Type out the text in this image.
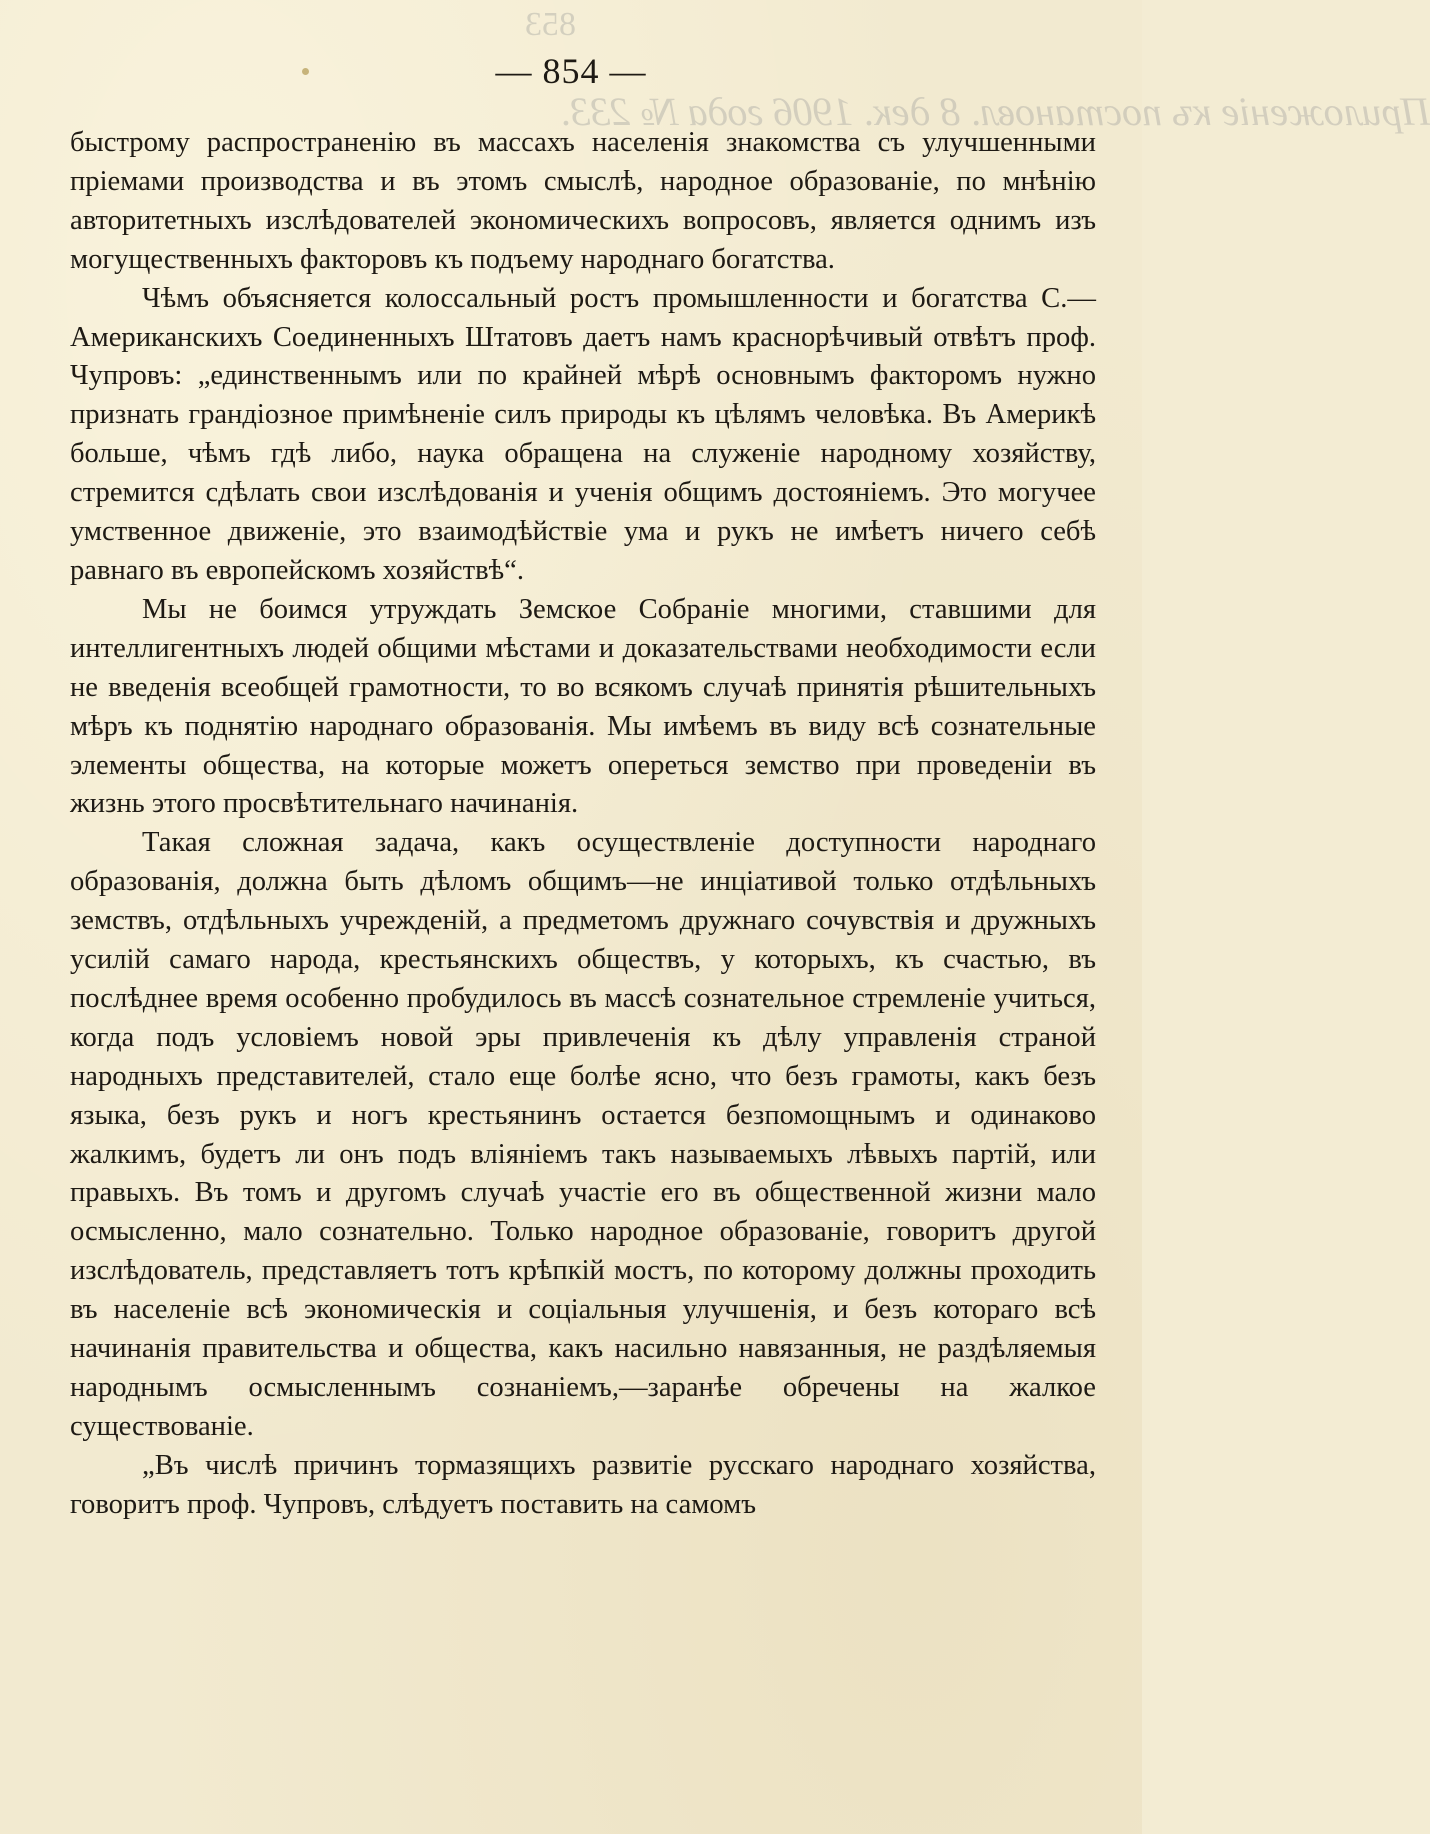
853
Приложеніе къ постановл. 8 дек. 1906 года № 233.
— 854 —

быстрому распространенію въ массахъ населенія знакомства съ улучшенными пріемами производства и въ этомъ смыслѣ, народное образованіе, по мнѣнію авторитетныхъ изслѣдователей экономическихъ вопросовъ, является однимъ изъ могущественныхъ факторовъ къ подъему народнаго богатства.

Чѣмъ объясняется колоссальный ростъ промышленности и богатства С.—Американскихъ Соединенныхъ Штатовъ даетъ намъ краснорѣчивый отвѣтъ проф. Чупровъ: „единственнымъ или по крайней мѣрѣ основнымъ факторомъ нужно признать грандіозное примѣненіе силъ природы къ цѣлямъ человѣка. Въ Америкѣ больше, чѣмъ гдѣ либо, наука обращена на служеніе народному хозяйству, стремится сдѣлать свои изслѣдованія и ученія общимъ достояніемъ. Это могучее умственное движеніе, это взаимодѣйствіе ума и рукъ не имѣетъ ничего себѣ равнаго въ европейскомъ хозяйствѣ“.

Мы не боимся утруждать Земское Собраніе многими, ставшими для интеллигентныхъ людей общими мѣстами и доказательствами необходимости если не введенія всеобщей грамотности, то во всякомъ случаѣ принятія рѣшительныхъ мѣръ къ поднятію народнаго образованія. Мы имѣемъ въ виду всѣ сознательные элементы общества, на которые можетъ опереться земство при проведеніи въ жизнь этого просвѣтительнаго начинанія.

Такая сложная задача, какъ осуществленіе доступности народнаго образованія, должна быть дѣломъ общимъ—не инціативой только отдѣльныхъ земствъ, отдѣльныхъ учрежденій, а предметомъ дружнаго сочувствія и дружныхъ усилій самаго народа, крестьянскихъ обществъ, у которыхъ, къ счастью, въ послѣднее время особенно пробудилось въ массѣ сознательное стремленіе учиться, когда подъ условіемъ новой эры привлеченія къ дѣлу управленія страной народныхъ представителей, стало еще болѣе ясно, что безъ грамоты, какъ безъ языка, безъ рукъ и ногъ крестьянинъ остается безпомощнымъ и одинаково жалкимъ, будетъ ли онъ подъ вліяніемъ такъ называемыхъ лѣвыхъ партій, или правыхъ. Въ томъ и другомъ случаѣ участіе его въ общественной жизни мало осмысленно, мало сознательно. Только народное образованіе, говоритъ другой изслѣдователь, представляетъ тотъ крѣпкій мостъ, по которому должны проходить въ населеніе всѣ экономическія и соціальныя улучшенія, и безъ котораго всѣ начинанія правительства и общества, какъ насильно навязанныя, не раздѣляемыя народнымъ осмысленнымъ сознаніемъ,—заранѣе обречены на жалкое существованіе.

„Въ числѣ причинъ тормазящихъ развитіе русскаго народнаго хозяйства, говоритъ проф. Чупровъ, слѣдуетъ поставить на самомъ
